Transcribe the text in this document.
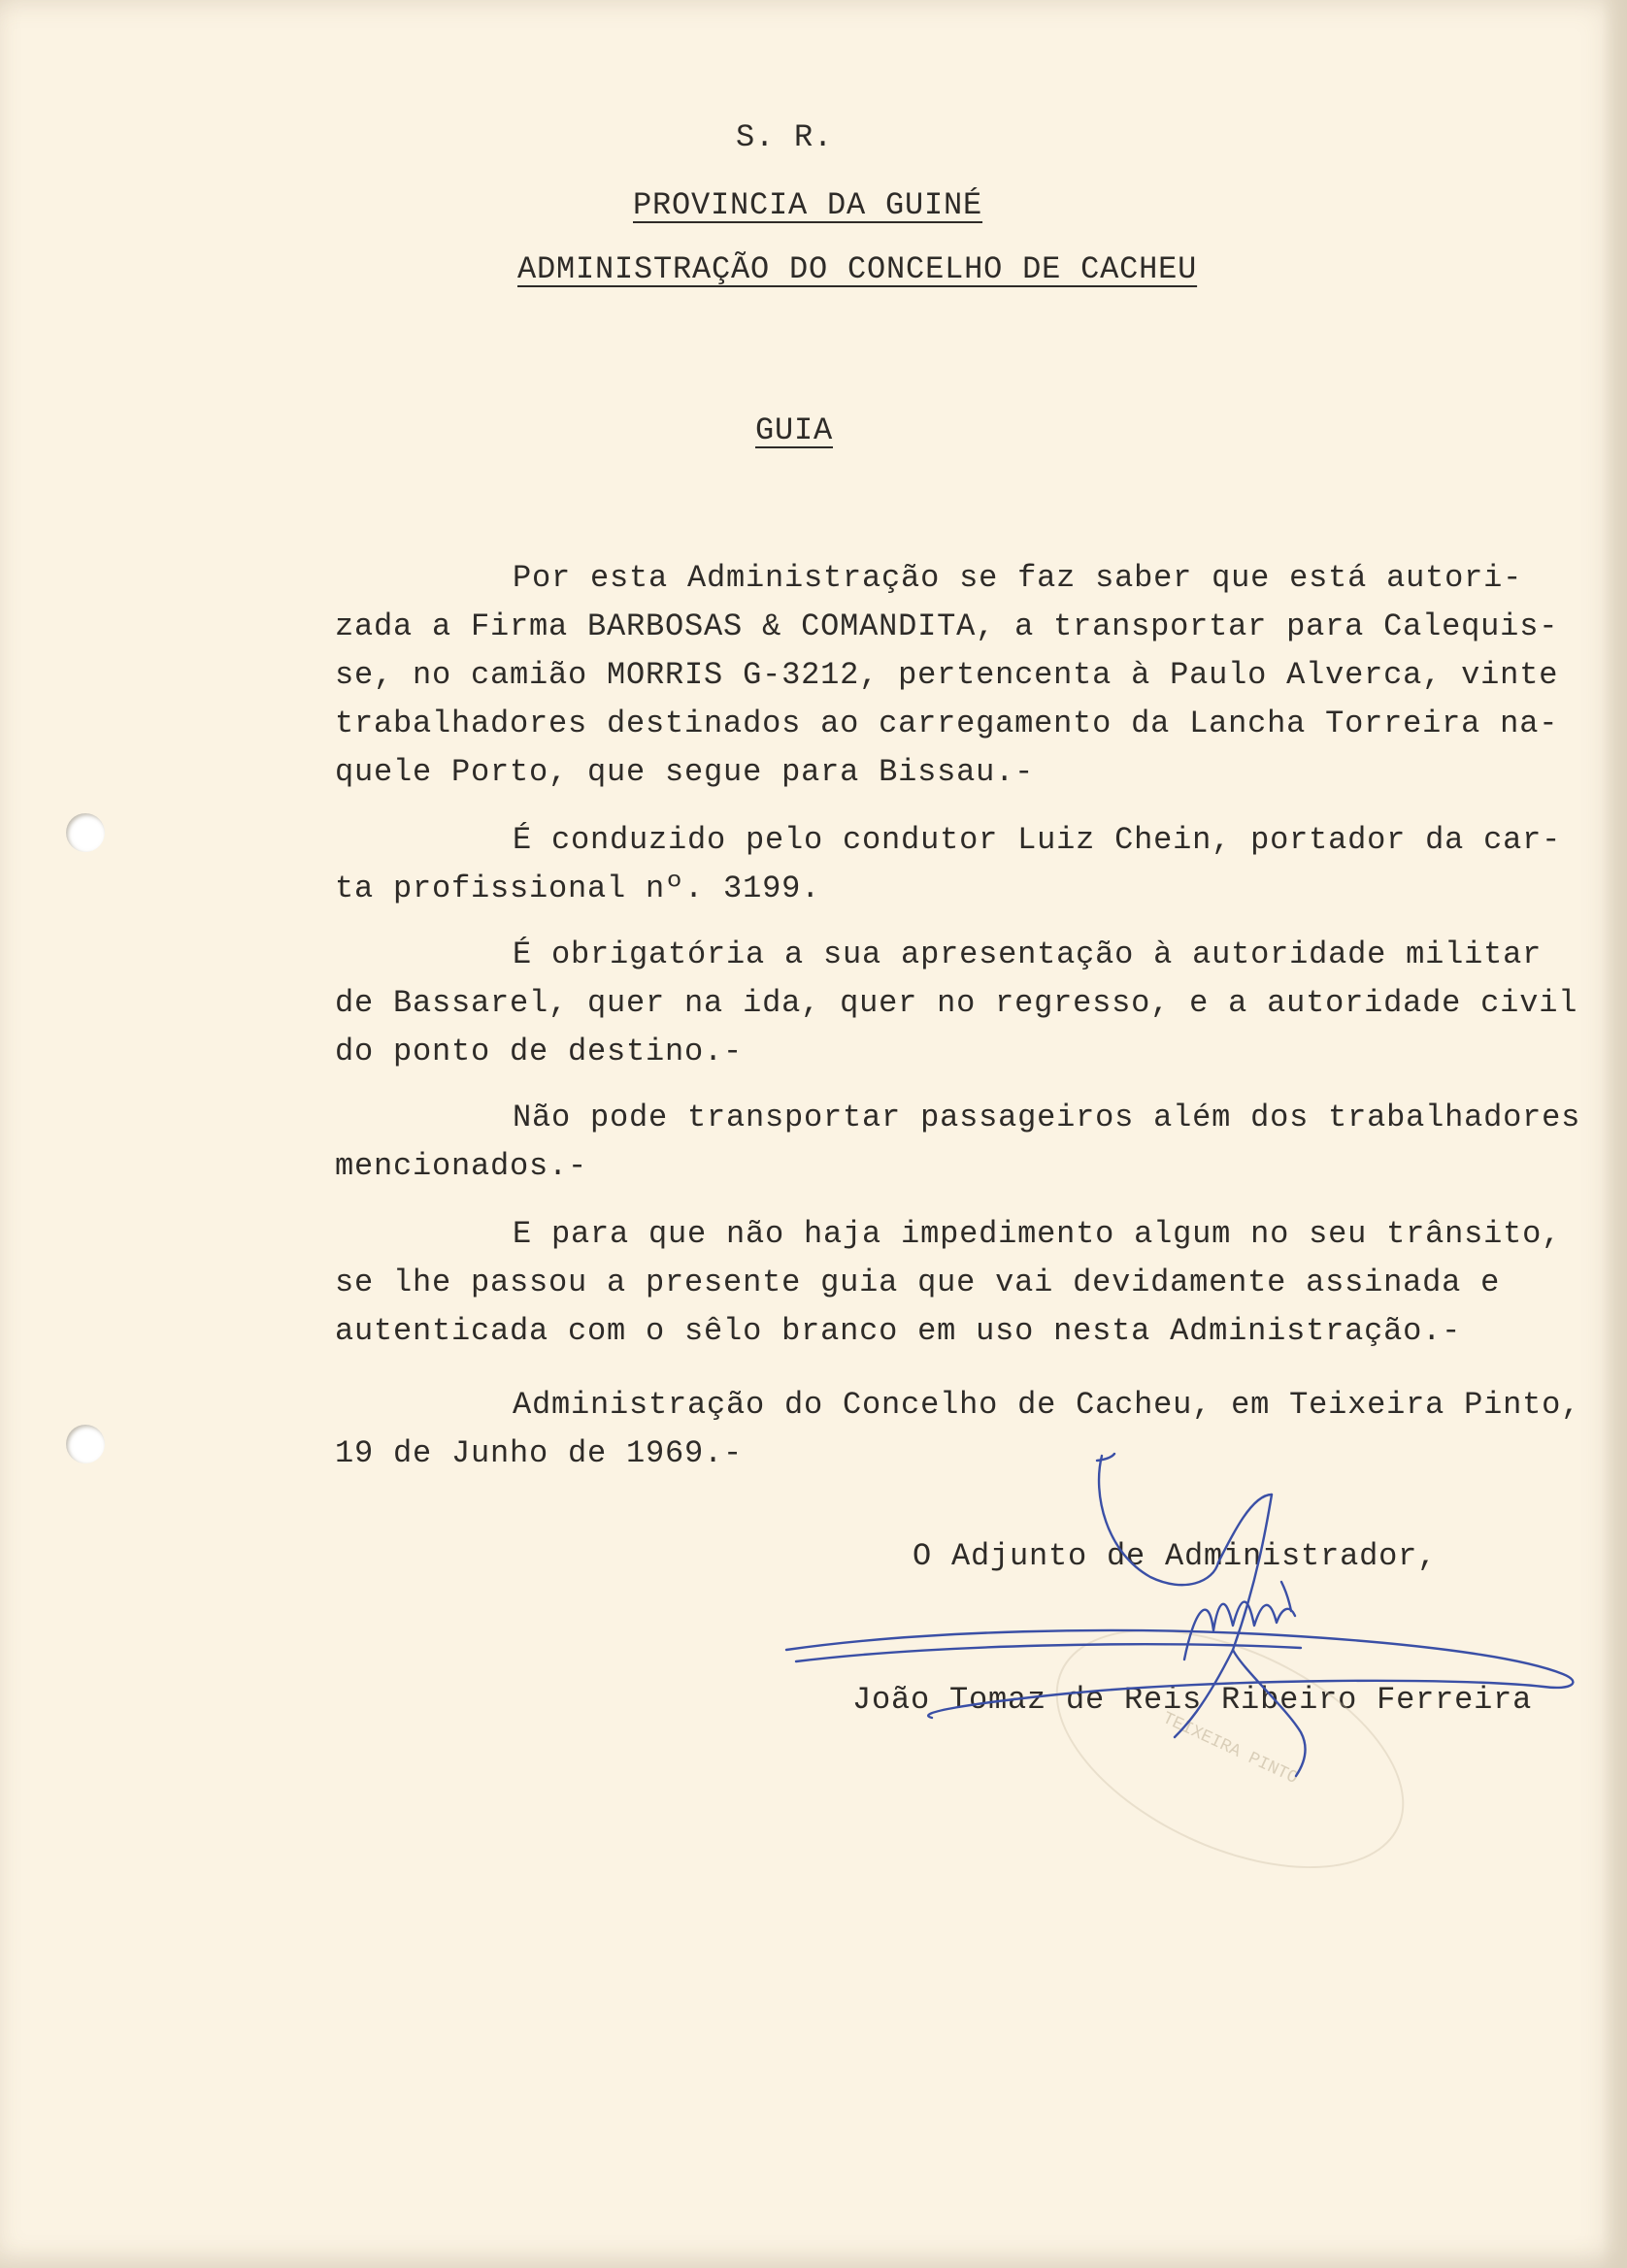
S. R.
PROVINCIA DA GUINÉ
ADMINISTRAÇÃO DO CONCELHO DE CACHEU
GUIA
Por esta Administração se faz saber que está autori-
zada a Firma BARBOSAS & COMANDITA, a transportar para Calequis-
se, no camião MORRIS G-3212, pertencenta à Paulo Alverca, vinte
trabalhadores destinados ao carregamento da Lancha Torreira na-
quele Porto, que segue para Bissau.-
É conduzido pelo condutor Luiz Chein, portador da car-
ta profissional nº. 3199.
É obrigatória a sua apresentação à autoridade militar
de Bassarel, quer na ida, quer no regresso, e a autoridade civil
do ponto de destino.-
Não pode transportar passageiros além dos trabalhadores
mencionados.-
E para que não haja impedimento algum no seu trânsito,
se lhe passou a presente guia que vai devidamente assinada e
autenticada com o sêlo branco em uso nesta Administração.-
Administração do Concelho de Cacheu, em Teixeira Pinto,
19 de Junho de 1969.-
O Adjunto de Administrador,
João Tomaz de Reis Ribeiro Ferreira
TEIXEIRA PINTO
